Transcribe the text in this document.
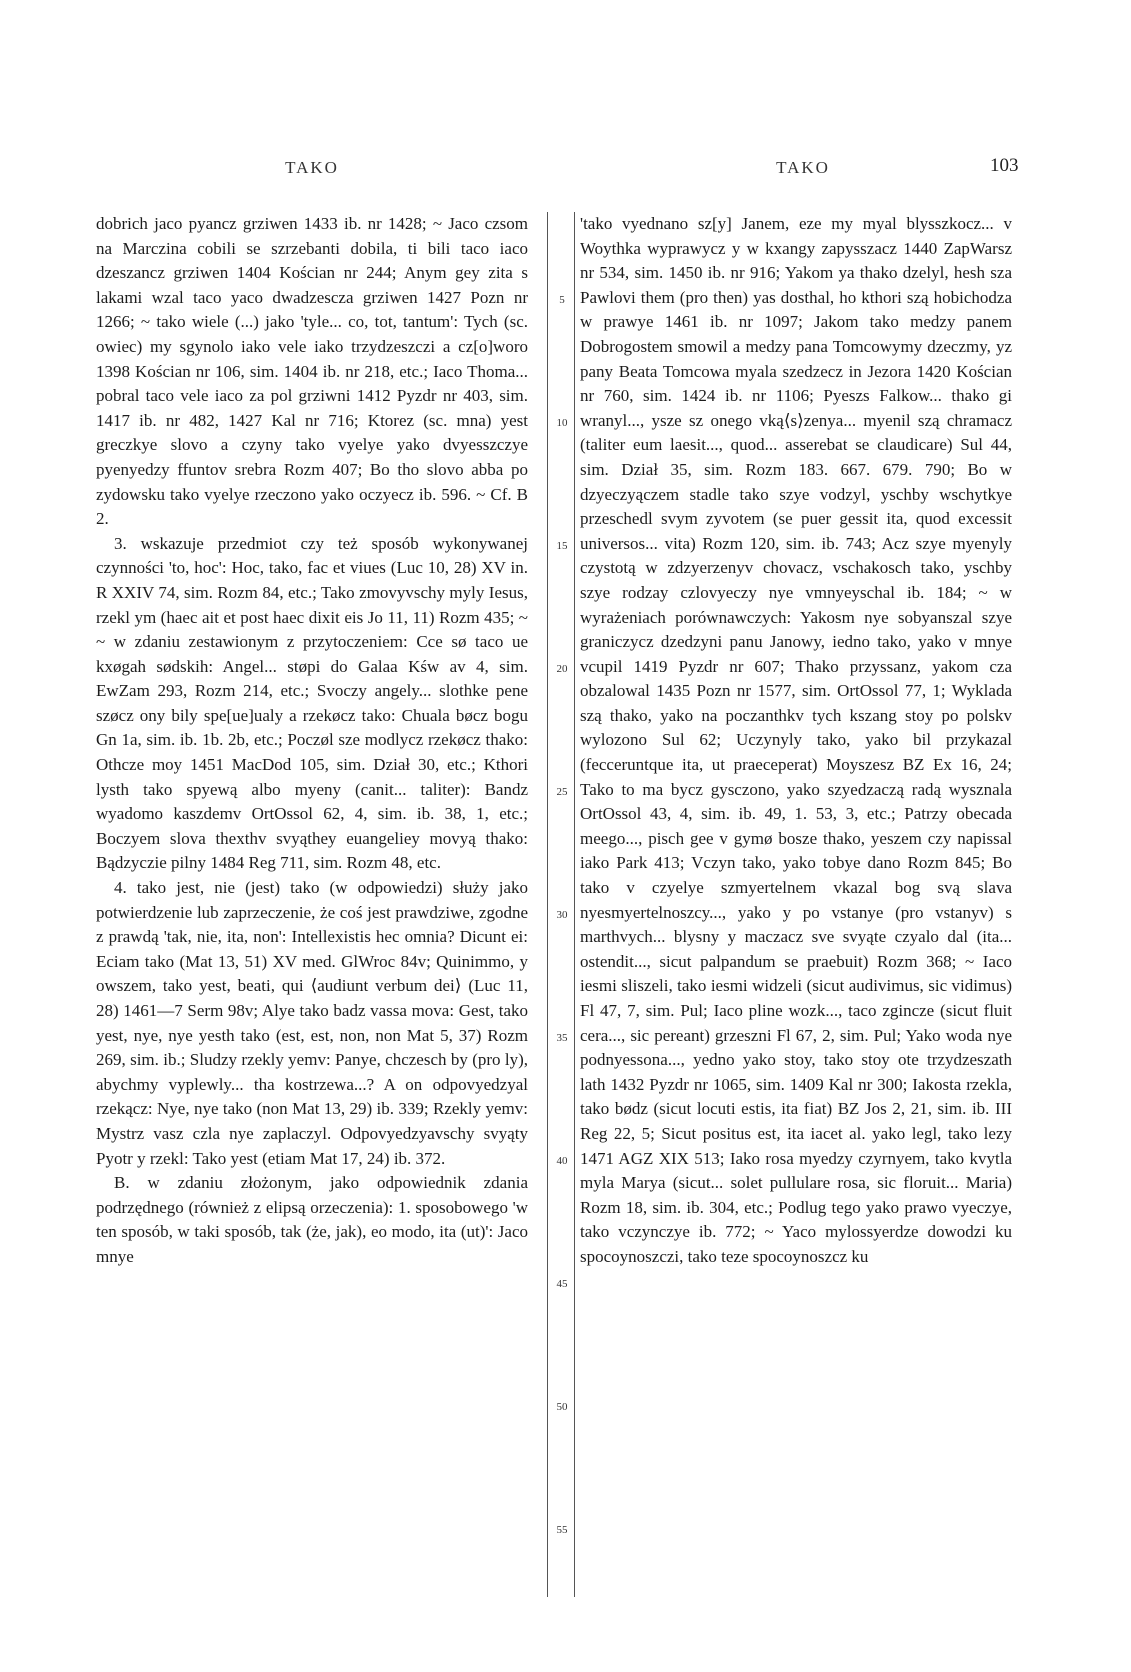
TAKO	TAKO	103

dobrich jaco pyancz grziwen 1433 ib. nr 1428; ~ Jaco czsom na Marczina cobili se szrzebanti dobila, ti bili taco iaco dzeszancz grziwen 1404 Kościan nr 244; Anym gey zita s lakami wzal taco yaco dwadzescza grziwen 1427 Pozn nr 1266; ~ tako wiele (...) jako 'tyle... co, tot, tantum': Tych (sc. owiec) my sgynolo iako vele iako trzydzeszczi a cz[o]woro 1398 Kościan nr 106, sim. 1404 ib. nr 218, etc.; Iaco Thoma... pobral taco vele iaco za pol grziwni 1412 Pyzdr nr 403, sim. 1417 ib. nr 482, 1427 Kal nr 716; Ktorez (sc. mna) yest greczkye slovo a czyny tako vyelye yako dvyesszczye pyenyedzy ffuntov srebra Rozm 407; Bo tho slovo abba po zydowsku tako vyelye rzeczono yako oczyecz ib. 596. ~ Cf. B 2.

3. wskazuje przedmiot czy też sposób wykonywanej czynności 'to, hoc': Hoc, tako, fac et viues (Luc 10, 28) XV in. R XXIV 74, sim. Rozm 84, etc.; Tako zmovyvschy myly Iesus, rzekl ym (haec ait et post haec dixit eis Jo 11, 11) Rozm 435; ~ ~ w zdaniu zestawionym z przytoczeniem: Cce sø taco ue kxøgah sødskih: Angel... støpi do Galaa Kśw av 4, sim. EwZam 293, Rozm 214, etc.; Svoczy angely... slothke pene szøcz ony bily spe[ue]ualy a rzekøcz tako: Chuala bøcz bogu Gn 1a, sim. ib. 1b. 2b, etc.; Poczøl sze modlycz rzekøcz thako: Othcze moy 1451 MacDod 105, sim. Dział 30, etc.; Kthori lysth tako spyewą albo myeny (canit... taliter): Bandz wyadomo kaszdemv OrtOssol 62, 4, sim. ib. 38, 1, etc.; Boczyem slova thexthv svyąthey euangeliey movyą thako: Bądzyczie pilny 1484 Reg 711, sim. Rozm 48, etc.

4. tako jest, nie (jest) tako (w odpowiedzi) służy jako potwierdzenie lub zaprzeczenie, że coś jest prawdziwe, zgodne z prawdą 'tak, nie, ita, non': Intellexistis hec omnia? Dicunt ei: Eciam tako (Mat 13, 51) XV med. GlWroc 84v; Quinimmo, y owszem, tako yest, beati, qui ⟨audiunt verbum dei⟩ (Luc 11, 28) 1461—7 Serm 98v; Alye tako badz vassa mova: Gest, tako yest, nye, nye yesth tako (est, est, non, non Mat 5, 37) Rozm 269, sim. ib.; Sludzy rzekly yemv: Panye, chczesch by (pro ly), abychmy vyplewly... tha kostrzewa...? A on odpovyedzyal rzekącz: Nye, nye tako (non Mat 13, 29) ib. 339; Rzekly yemv: Mystrz vasz czla nye zaplaczyl. Odpovyedzyavschy svyąty Pyotr y rzekl: Tako yest (etiam Mat 17, 24) ib. 372.

B. w zdaniu złożonym, jako odpowiednik zdania podrzędnego (również z elipsą orzeczenia): 1. sposobowego 'w ten sposób, w taki sposób, tak (że, jak), eo modo, ita (ut)': Jaco mnye

5
10
15
20
25
30
35
40
45
50
55

'tako vyednano sz[y] Janem, eze my myal blysszkocz... v Woythka wyprawycz y w kxangy zapysszacz 1440 ZapWarsz nr 534, sim. 1450 ib. nr 916; Yakom ya thako dzelyl, hesh sza Pawlovi them (pro then) yas dosthal, ho kthori szą hobichodza w prawye 1461 ib. nr 1097; Jakom tako medzy panem Dobrogostem smowil a medzy pana Tomcowymy dzeczmy, yz pany Beata Tomcowa myala szedzecz in Jezora 1420 Kościan nr 760, sim. 1424 ib. nr 1106; Pyeszs Falkow... thako gi wranyl..., ysze sz onego vką⟨s⟩zenya... myenil szą chramacz (taliter eum laesit..., quod... asserebat se claudicare) Sul 44, sim. Dział 35, sim. Rozm 183. 667. 679. 790; Bo w dzyeczyączem stadle tako szye vodzyl, yschby wschytkye przeschedl svym zyvotem (se puer gessit ita, quod excessit universos... vita) Rozm 120, sim. ib. 743; Acz szye myenyly czystotą w zdzyerzenyv chovacz, vschakosch tako, yschby szye rodzay czlovyeczy nye vmnyeyschal ib. 184; ~ w wyrażeniach porównawczych: Yakosm nye sobyanszal szye graniczycz dzedzyni panu Janowy, iedno tako, yako v mnye vcupil 1419 Pyzdr nr 607; Thako przyssanz, yakom cza obzalowal 1435 Pozn nr 1577, sim. OrtOssol 77, 1; Wyklada szą thako, yako na poczanthkv tych kszang stoy po polskv wylozono Sul 62; Uczynyly tako, yako bil przykazal (fecceruntque ita, ut praeceperat) Moyszesz BZ Ex 16, 24; Tako to ma bycz gysczono, yako szyedzaczą radą wysznala OrtOssol 43, 4, sim. ib. 49, 1. 53, 3, etc.; Patrzy obecada meego..., pisch gee v gymø bosze thako, yeszem czy napissal iako Park 413; Vczyn tako, yako tobye dano Rozm 845; Bo tako v czyelye szmyertelnem vkazal bog svą slava nyesmyertelnoszcy..., yako y po vstanye (pro vstanyv) s marthvych... blysny y maczacz sve svyąte czyalo dal (ita... ostendit..., sicut palpandum se praebuit) Rozm 368; ~ Iaco iesmi sliszeli, tako iesmi widzeli (sicut audivimus, sic vidimus) Fl 47, 7, sim. Pul; Iaco pline wozk..., taco zgincze (sicut fluit cera..., sic pereant) grzeszni Fl 67, 2, sim. Pul; Yako woda nye podnyessona..., yedno yako stoy, tako stoy ote trzydzeszath lath 1432 Pyzdr nr 1065, sim. 1409 Kal nr 300; Iakosta rzekla, tako bødz (sicut locuti estis, ita fiat) BZ Jos 2, 21, sim. ib. III Reg 22, 5; Sicut positus est, ita iacet al. yako legl, tako lezy 1471 AGZ XIX 513; Iako rosa myedzy czyrnyem, tako kvytla myla Marya (sicut... solet pullulare rosa, sic floruit... Maria) Rozm 18, sim. ib. 304, etc.; Podlug tego yako prawo vyeczye, tako vczynczye ib. 772; ~ Yaco mylossyerdze dowodzi ku spocoynoszczi, tako teze spocoynoszcz ku
